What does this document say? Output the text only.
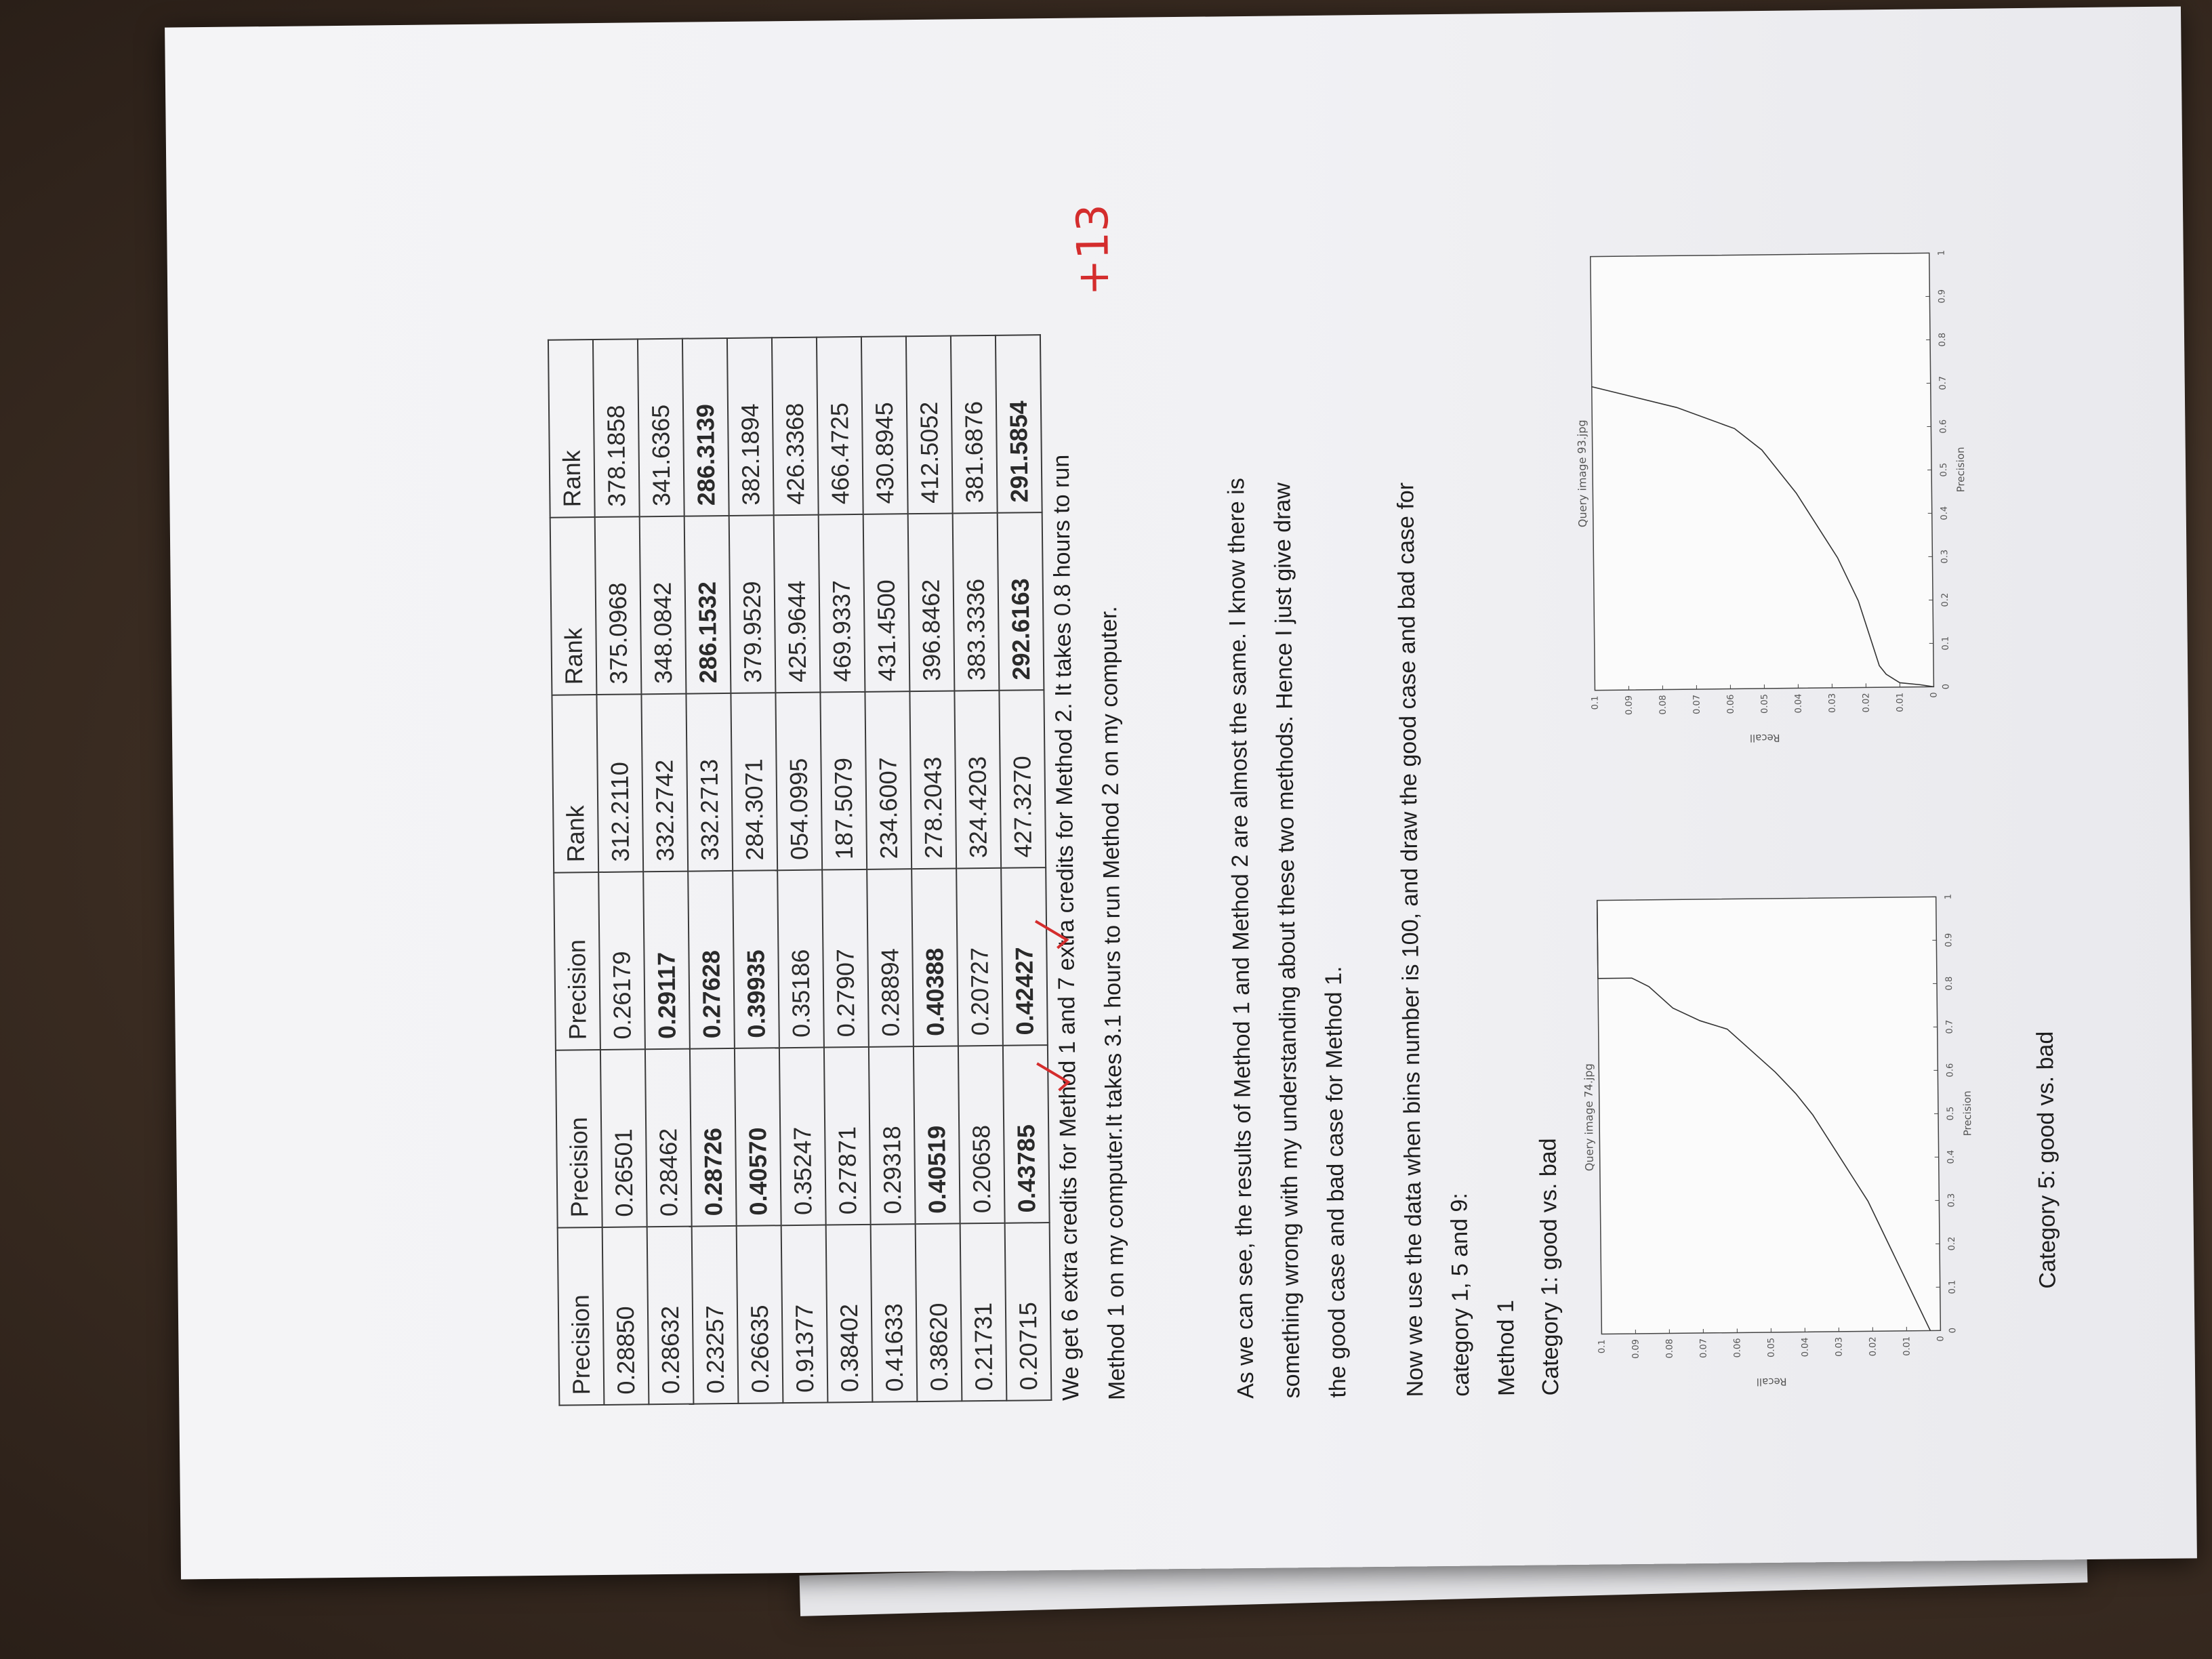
Precision	Precision	Precision	Rank	Rank	Rank
0.28850	0.26501	0.26179	312.2110	375.0968	378.1858
0.28632	0.28462	0.29117	332.2742	348.0842	341.6365
0.23257	0.28726	0.27628	332.2713	286.1532	286.3139
0.26635	0.40570	0.39935	284.3071	379.9529	382.1894
0.91377	0.35247	0.35186	054.0995	425.9644	426.3368
0.38402	0.27871	0.27907	187.5079	469.9337	466.4725
0.41633	0.29318	0.28894	234.6007	431.4500	430.8945
0.38620	0.40519	0.40388	278.2043	396.8462	412.5052
0.21731	0.20658	0.20727	324.4203	383.3336	381.6876
0.20715	0.43785	0.42427	427.3270	292.6163	291.5854
We get 6 extra credits for Method 1 and 7 extra credits for Method 2. It takes 0.8 hours to run Method 1 on my computer.It takes 3.1 hours to run Method 2 on my computer.
+13
As we can see, the results of Method 1 and Method 2 are almost the same. I know there is something wrong with my understanding about these two methods. Hence I just give draw the good case and bad case for Method 1.	Now we use the data when bins number is 100, and draw the good case and bad case for category 1, 5 and 9: Method 1 Category 1: good vs. bad
Query image 74.jpg
0
0.1
0.2
0.3
0.4
0.5
0.6
0.7
0.8
0.9
1
0
0.01
0.02
0.03
0.04
0.05
0.06
0.07
0.08
0.09
0.1
Precision
Recall
Query image 93.jpg
0
0.1
0.2
0.3
0.4
0.5
0.6
0.7
0.8
0.9
1
0
0.01
0.02
0.03
0.04
0.05
0.06
0.07
0.08
0.09
0.1
Precision
Recall
Category 5: good vs. bad
